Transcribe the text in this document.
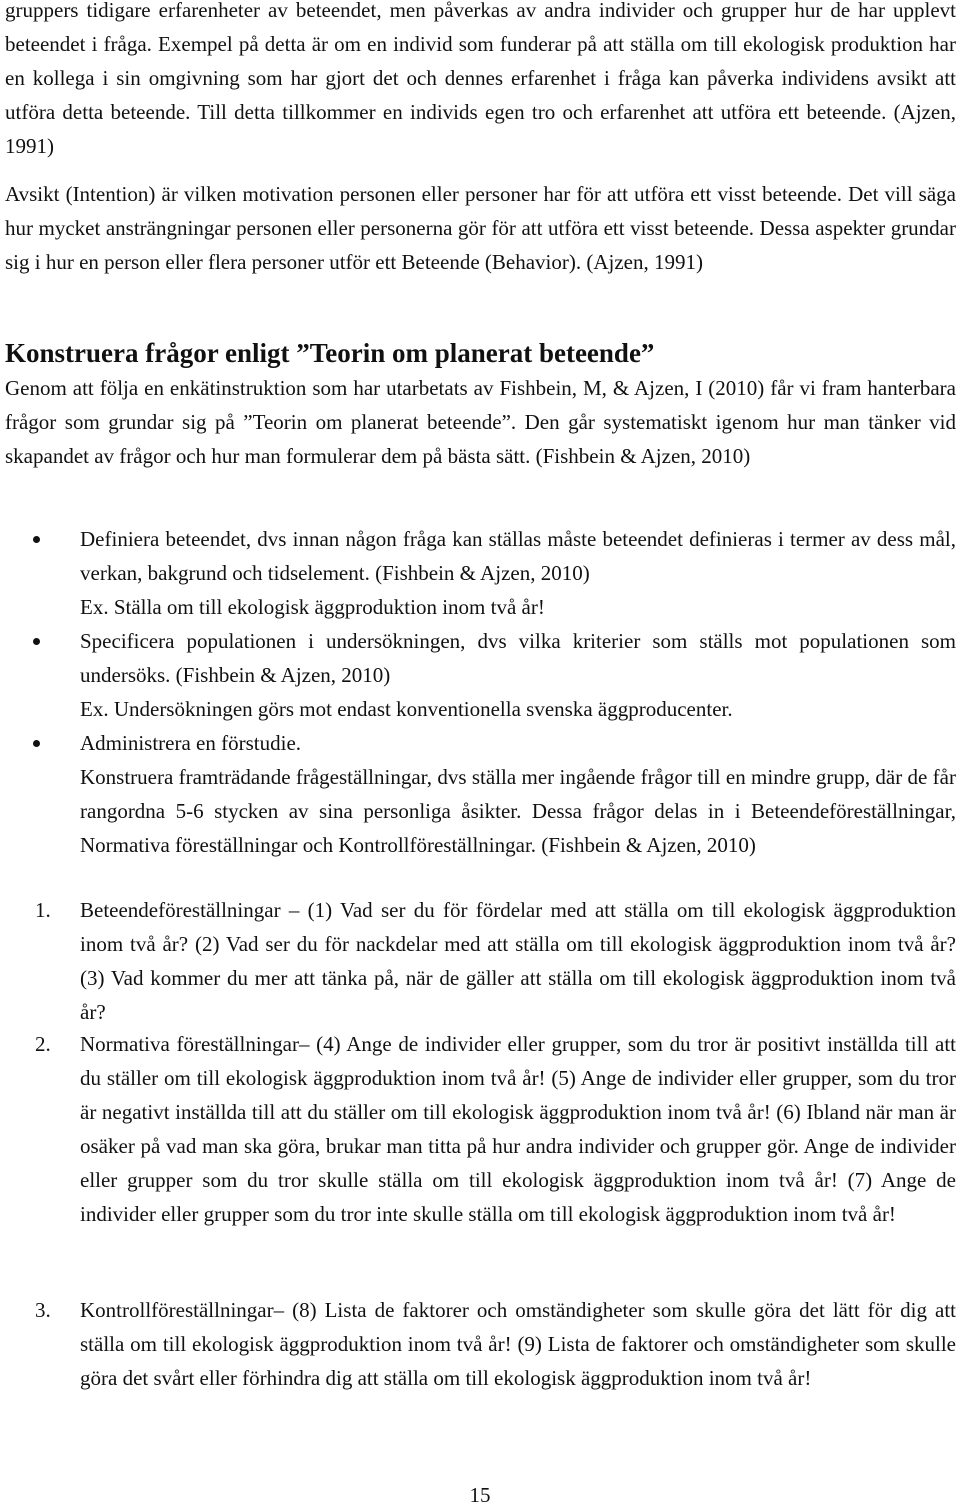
gruppers tidigare erfarenheter av beteendet, men påverkas av andra individer och grupper hur de har upplevt beteendet i fråga. Exempel på detta är om en individ som funderar på att ställa om till ekologisk produktion har en kollega i sin omgivning som har gjort det och dennes erfarenhet i fråga kan påverka individens avsikt att utföra detta beteende. Till detta tillkommer en individs egen tro och erfarenhet att utföra ett beteende. (Ajzen, 1991)

Avsikt (Intention) är vilken motivation personen eller personer har för att utföra ett visst beteende. Det vill säga hur mycket ansträngningar personen eller personerna gör för att utföra ett visst beteende. Dessa aspekter grundar sig i hur en person eller flera personer utför ett Beteende (Behavior). (Ajzen, 1991)

Konstruera frågor enligt ”Teorin om planerat beteende”

Genom att följa en enkätinstruktion som har utarbetats av Fishbein, M, & Ajzen, I (2010) får vi fram hanterbara frågor som grundar sig på ”Teorin om planerat beteende”. Den går systematiskt igenom hur man tänker vid skapandet av frågor och hur man formulerar dem på bästa sätt. (Fishbein & Ajzen, 2010)

Definiera beteendet, dvs innan någon fråga kan ställas måste beteendet definieras i termer av dess mål, verkan, bakgrund och tidselement. (Fishbein & Ajzen, 2010)
Ex. Ställa om till ekologisk äggproduktion inom två år!
Specificera populationen i undersökningen, dvs vilka kriterier som ställs mot populationen som undersöks. (Fishbein & Ajzen, 2010)
Ex. Undersökningen görs mot endast konventionella svenska äggproducenter.
Administrera en förstudie.
Konstruera framträdande frågeställningar, dvs ställa mer ingående frågor till en mindre grupp, där de får rangordna 5-6 stycken av sina personliga åsikter. Dessa frågor delas in i Beteendeföreställningar, Normativa föreställningar och Kontrollföreställningar. (Fishbein & Ajzen, 2010)
1. Beteendeföreställningar – (1) Vad ser du för fördelar med att ställa om till ekologisk äggproduktion inom två år? (2) Vad ser du för nackdelar med att ställa om till ekologisk äggproduktion inom två år? (3) Vad kommer du mer att tänka på, när de gäller att ställa om till ekologisk äggproduktion inom två år?
2. Normativa föreställningar– (4) Ange de individer eller grupper, som du tror är positivt inställda till att du ställer om till ekologisk äggproduktion inom två år! (5) Ange de individer eller grupper, som du tror är negativt inställda till att du ställer om till ekologisk äggproduktion inom två år! (6) Ibland när man är osäker på vad man ska göra, brukar man titta på hur andra individer och grupper gör. Ange de individer eller grupper som du tror skulle ställa om till ekologisk äggproduktion inom två år! (7) Ange de individer eller grupper som du tror inte skulle ställa om till ekologisk äggproduktion inom två år!
3. Kontrollföreställningar– (8) Lista de faktorer och omständigheter som skulle göra det lätt för dig att ställa om till ekologisk äggproduktion inom två år! (9) Lista de faktorer och omständigheter som skulle göra det svårt eller förhindra dig att ställa om till ekologisk äggproduktion inom två år!
15
